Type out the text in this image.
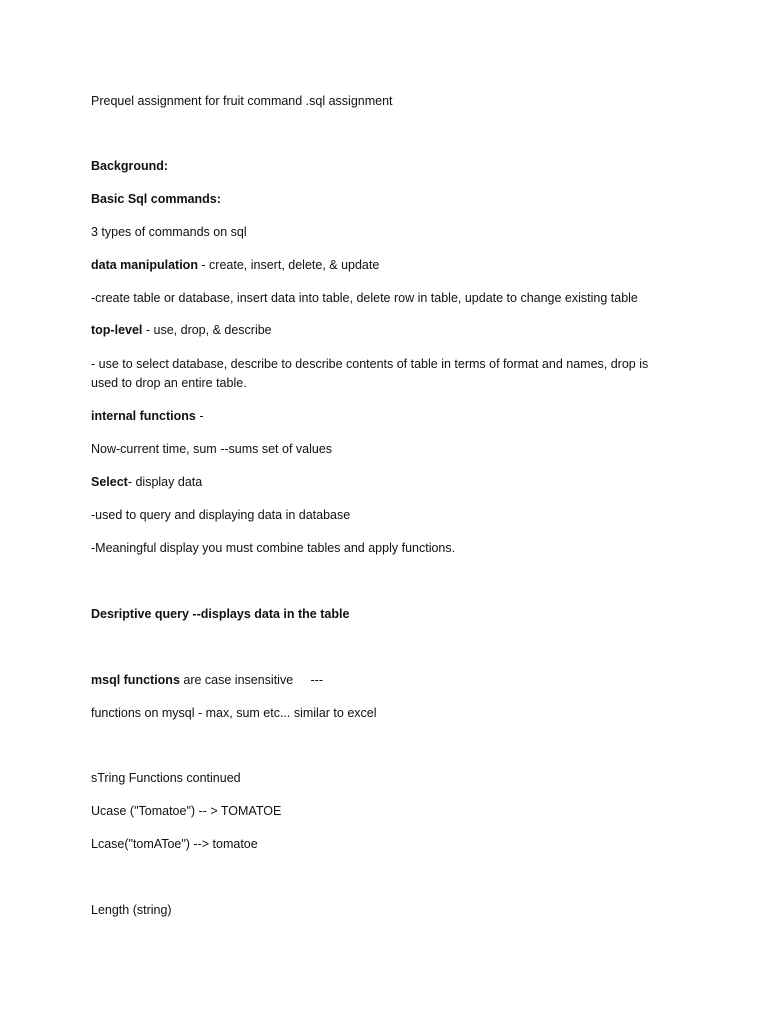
Prequel assignment for fruit command .sql assignment
Background:
Basic Sql commands:
3 types of commands on sql
data manipulation - create, insert, delete, & update
-create table or database, insert data into table, delete row in table, update to change existing table
top-level - use, drop, & describe
- use to select database, describe to describe contents of table in terms of format and names, drop is used to drop an entire table.
internal functions -
Now-current time, sum --sums set of values
Select- display data
-used to query and displaying data in database
-Meaningful display you must combine tables and apply functions.
Desriptive query --displays data in the table
msql functions are case insensitive     ---
functions on mysql - max, sum etc... similar to excel
sTring Functions continued
Ucase ("Tomatoe") -- > TOMATOE
Lcase("tomAToe") --> tomatoe
Length (string)
